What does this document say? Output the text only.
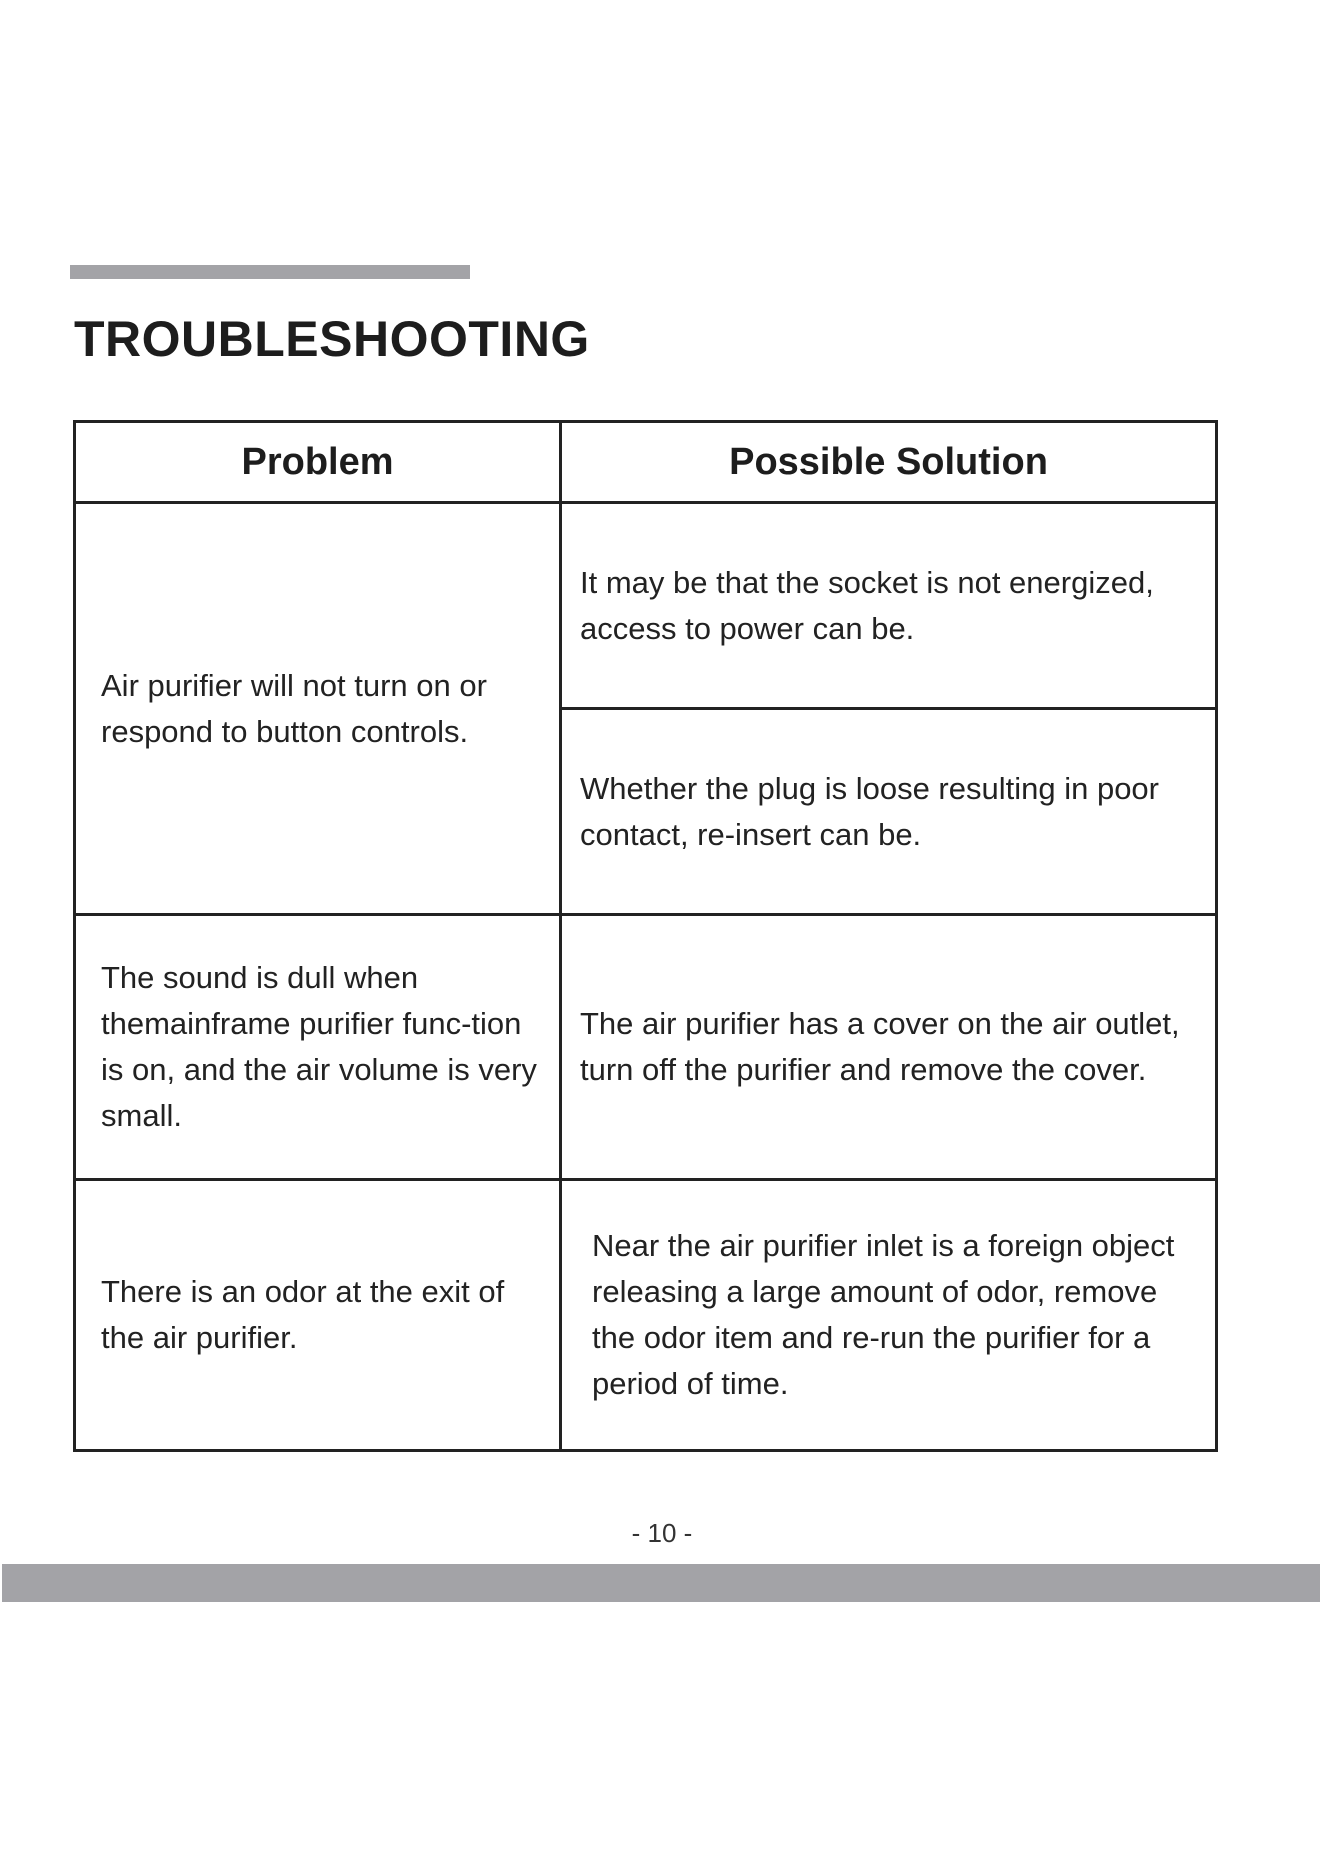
TROUBLESHOOTING
Problem	Possible Solution

Air purifier will not turn on or respond to button controls.	It may be that the socket is not energized, access to power can be.

	Whether the plug is loose resulting in poor contact, re-insert can be.

The sound is dull when themainframe purifier func-tion is on, and the air volume is very small.	The air purifier has a cover on the air outlet, turn off the purifier and remove the cover.

There is an odor at the exit of the air purifier.	Near the air purifier inlet is a foreign object releasing a large amount of odor, remove the odor item and re-run the purifier for a period of time.
- 10 -
